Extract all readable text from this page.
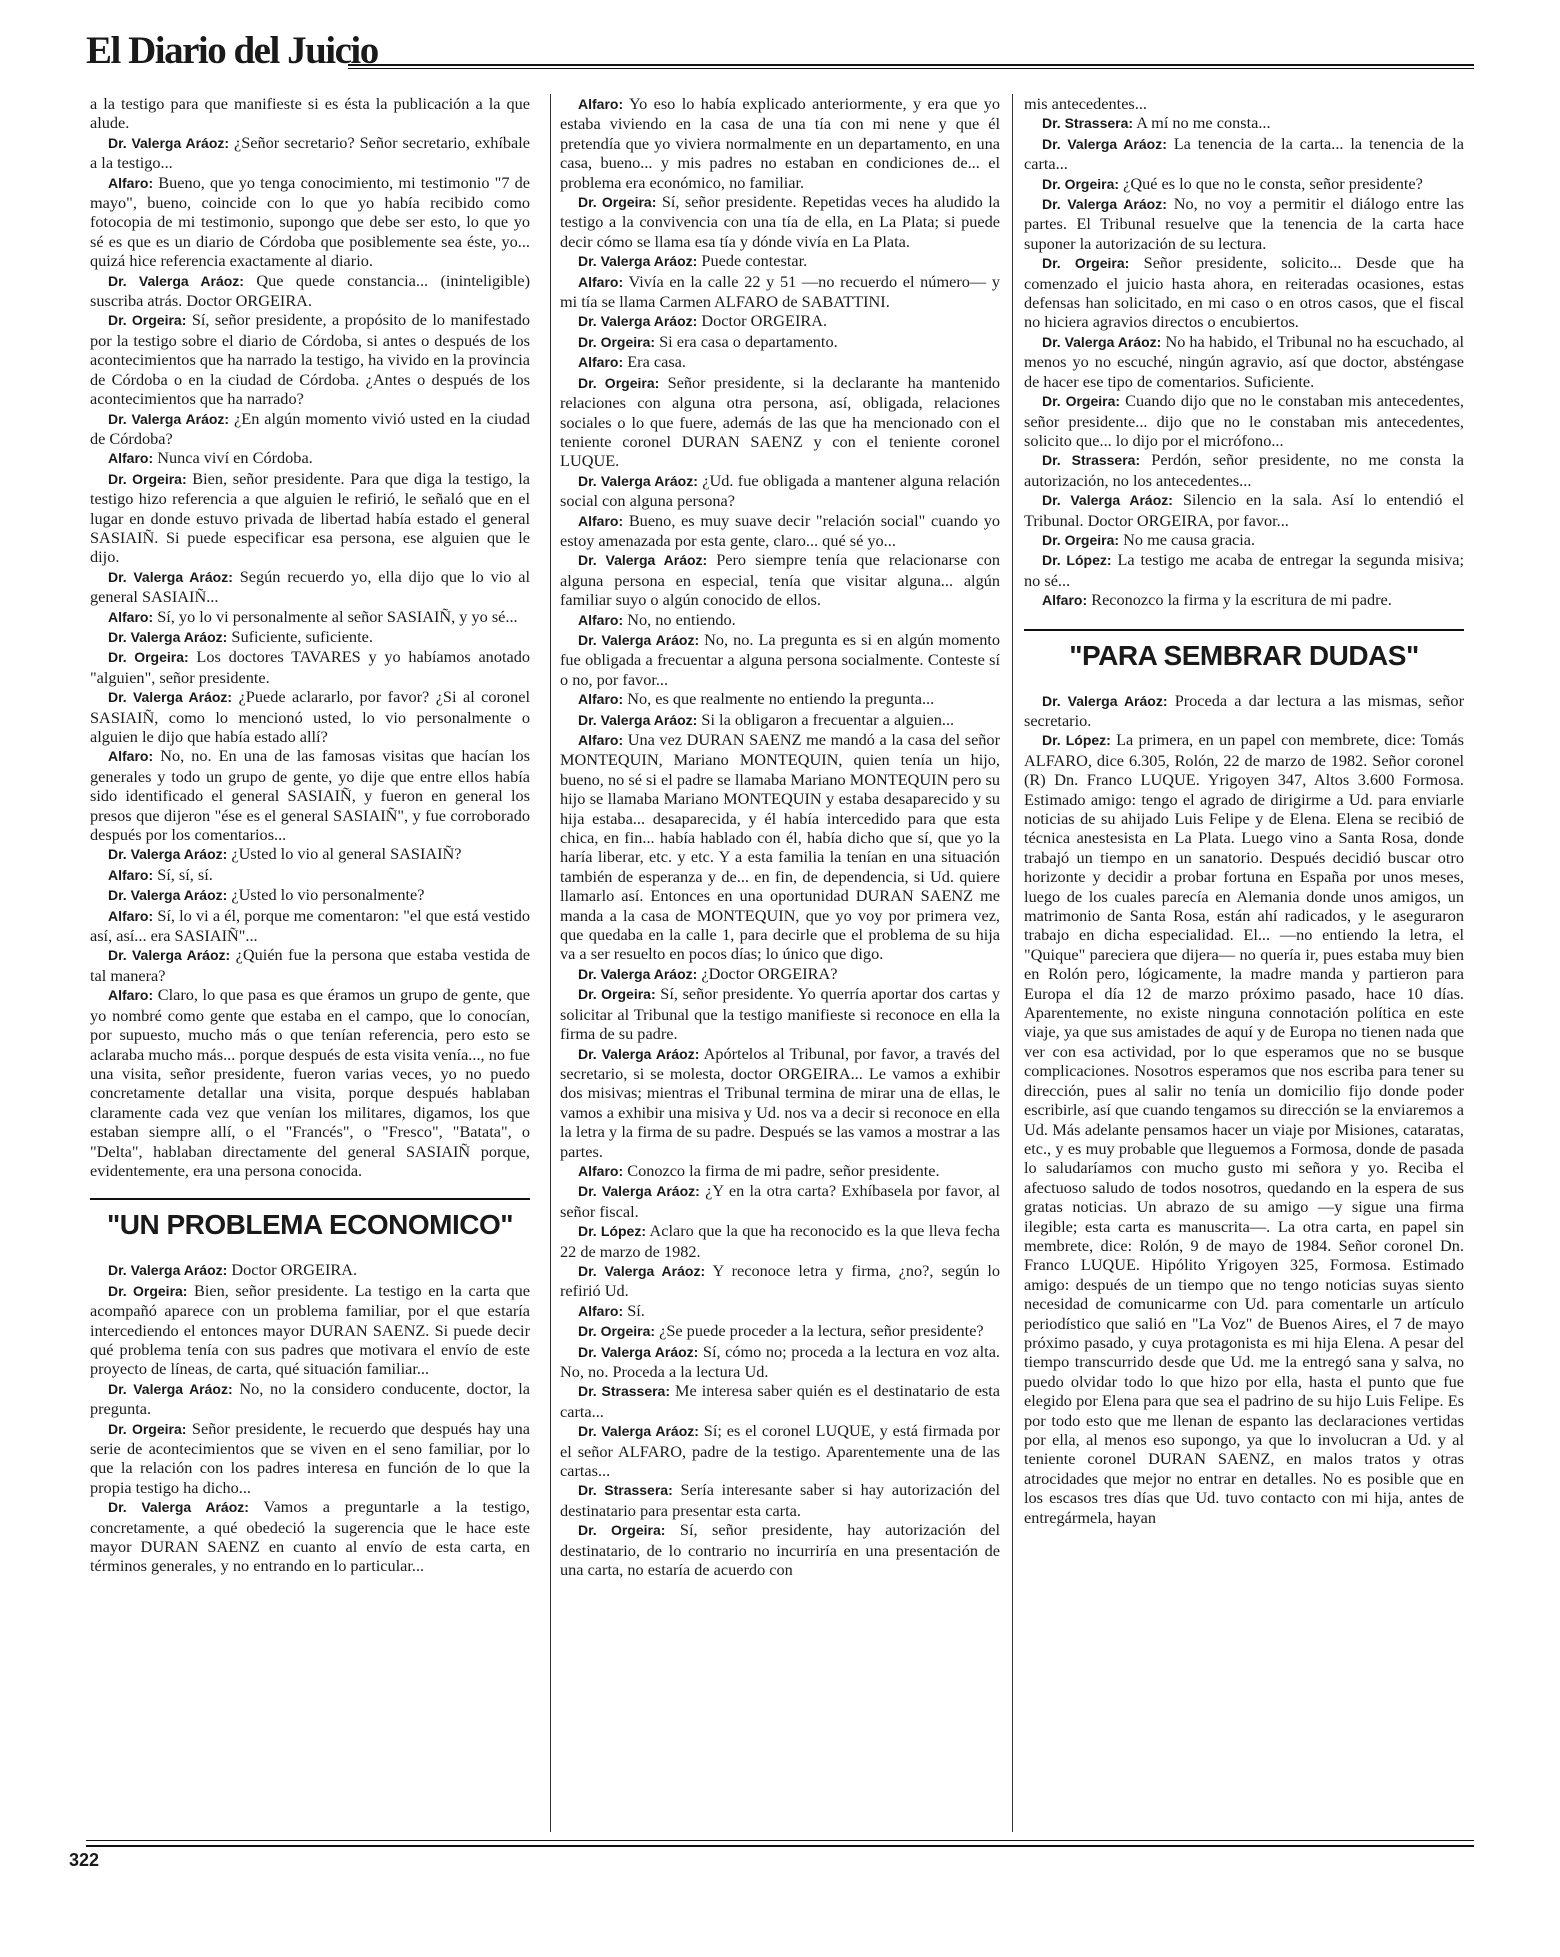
El Diario del Juicio

a la testigo para que manifieste si es ésta la publicación a la que alude.

Dr. Valerga Aráoz: ¿Señor secretario? Señor secretario, exhíbale a la testigo...

Alfaro: Bueno, que yo tenga conocimiento, mi testimonio "7 de mayo", bueno, coincide con lo que yo había recibido como fotocopia de mi testimonio, supongo que debe ser esto, lo que yo sé es que es un diario de Córdoba que posiblemente sea éste, yo... quizá hice referencia exactamente al diario.

Dr. Valerga Aráoz: Que quede constancia... (ininteligible) suscriba atrás. Doctor ORGEIRA.

Dr. Orgeira: Sí, señor presidente, a propósito de lo manifestado por la testigo sobre el diario de Córdoba, si antes o después de los acontecimientos que ha narrado la testigo, ha vivido en la provincia de Córdoba o en la ciudad de Córdoba. ¿Antes o después de los acontecimientos que ha narrado?

Dr. Valerga Aráoz: ¿En algún momento vivió usted en la ciudad de Córdoba?

Alfaro: Nunca viví en Córdoba.

Dr. Orgeira: Bien, señor presidente. Para que diga la testigo, la testigo hizo referencia a que alguien le refirió, le señaló que en el lugar en donde estuvo privada de libertad había estado el general SASIAIÑ. Si puede especificar esa persona, ese alguien que le dijo.

Dr. Valerga Aráoz: Según recuerdo yo, ella dijo que lo vio al general SASIAIÑ...

Alfaro: Sí, yo lo vi personalmente al señor SASIAIÑ, y yo sé...

Dr. Valerga Aráoz: Suficiente, suficiente.

Dr. Orgeira: Los doctores TAVARES y yo habíamos anotado "alguien", señor presidente.

Dr. Valerga Aráoz: ¿Puede aclararlo, por favor? ¿Si al coronel SASIAIÑ, como lo mencionó usted, lo vio personalmente o alguien le dijo que había estado allí?

Alfaro: No, no. En una de las famosas visitas que hacían los generales y todo un grupo de gente, yo dije que entre ellos había sido identificado el general SASIAIÑ, y fueron en general los presos que dijeron "ése es el general SASIAIÑ", y fue corroborado después por los comentarios...

Dr. Valerga Aráoz: ¿Usted lo vio al general SASIAIÑ?

Alfaro: Sí, sí, sí.

Dr. Valerga Aráoz: ¿Usted lo vio personalmente?

Alfaro: Sí, lo vi a él, porque me comentaron: "el que está vestido así, así... era SASIAIÑ"...

Dr. Valerga Aráoz: ¿Quién fue la persona que estaba vestida de tal manera?

Alfaro: Claro, lo que pasa es que éramos un grupo de gente, que yo nombré como gente que estaba en el campo, que lo conocían, por supuesto, mucho más o que tenían referencia, pero esto se aclaraba mucho más... porque después de esta visita venía..., no fue una visita, señor presidente, fueron varias veces, yo no puedo concretamente detallar una visita, porque después hablaban claramente cada vez que venían los militares, digamos, los que estaban siempre allí, o el "Francés", o "Fresco", "Batata", o "Delta", hablaban directamente del general SASIAIÑ porque, evidentemente, era una persona conocida.

"UN PROBLEMA ECONOMICO"

Dr. Valerga Aráoz: Doctor ORGEIRA.

Dr. Orgeira: Bien, señor presidente. La testigo en la carta que acompañó aparece con un problema familiar, por el que estaría intercediendo el entonces mayor DURAN SAENZ. Si puede decir qué problema tenía con sus padres que motivara el envío de este proyecto de líneas, de carta, qué situación familiar...

Dr. Valerga Aráoz: No, no la considero conducente, doctor, la pregunta.

Dr. Orgeira: Señor presidente, le recuerdo que después hay una serie de acontecimientos que se viven en el seno familiar, por lo que la relación con los padres interesa en función de lo que la propia testigo ha dicho...

Dr. Valerga Aráoz: Vamos a preguntarle a la testigo, concretamente, a qué obedeció la sugerencia que le hace este mayor DURAN SAENZ en cuanto al envío de esta carta, en términos generales, y no entrando en lo particular...

Alfaro: Yo eso lo había explicado anteriormente, y era que yo estaba viviendo en la casa de una tía con mi nene y que él pretendía que yo viviera normalmente en un departamento, en una casa, bueno... y mis padres no estaban en condiciones de... el problema era económico, no familiar.

Dr. Orgeira: Sí, señor presidente. Repetidas veces ha aludido la testigo a la convivencia con una tía de ella, en La Plata; si puede decir cómo se llama esa tía y dónde vivía en La Plata.

Dr. Valerga Aráoz: Puede contestar.

Alfaro: Vivía en la calle 22 y 51 —no recuerdo el número— y mi tía se llama Carmen ALFARO de SABATTINI.

Dr. Valerga Aráoz: Doctor ORGEIRA.

Dr. Orgeira: Si era casa o departamento.

Alfaro: Era casa.

Dr. Orgeira: Señor presidente, si la declarante ha mantenido relaciones con alguna otra persona, así, obligada, relaciones sociales o lo que fuere, además de las que ha mencionado con el teniente coronel DURAN SAENZ y con el teniente coronel LUQUE.

Dr. Valerga Aráoz: ¿Ud. fue obligada a mantener alguna relación social con alguna persona?

Alfaro: Bueno, es muy suave decir "relación social" cuando yo estoy amenazada por esta gente, claro... qué sé yo...

Dr. Valerga Aráoz: Pero siempre tenía que relacionarse con alguna persona en especial, tenía que visitar alguna... algún familiar suyo o algún conocido de ellos.

Alfaro: No, no entiendo.

Dr. Valerga Aráoz: No, no. La pregunta es si en algún momento fue obligada a frecuentar a alguna persona socialmente. Conteste sí o no, por favor...

Alfaro: No, es que realmente no entiendo la pregunta...

Dr. Valerga Aráoz: Si la obligaron a frecuentar a alguien...

Alfaro: Una vez DURAN SAENZ me mandó a la casa del señor MONTEQUIN, Mariano MONTEQUIN, quien tenía un hijo, bueno, no sé si el padre se llamaba Mariano MONTEQUIN pero su hijo se llamaba Mariano MONTEQUIN y estaba desaparecido y su hija estaba... desaparecida, y él había intercedido para que esta chica, en fin... había hablado con él, había dicho que sí, que yo la haría liberar, etc. y etc. Y a esta familia la tenían en una situación también de esperanza y de... en fin, de dependencia, si Ud. quiere llamarlo así. Entonces en una oportunidad DURAN SAENZ me manda a la casa de MONTEQUIN, que yo voy por primera vez, que quedaba en la calle 1, para decirle que el problema de su hija va a ser resuelto en pocos días; lo único que digo.

Dr. Valerga Aráoz: ¿Doctor ORGEIRA?

Dr. Orgeira: Sí, señor presidente. Yo querría aportar dos cartas y solicitar al Tribunal que la testigo manifieste si reconoce en ella la firma de su padre.

Dr. Valerga Aráoz: Apórtelos al Tribunal, por favor, a través del secretario, si se molesta, doctor ORGEIRA... Le vamos a exhibir dos misivas; mientras el Tribunal termina de mirar una de ellas, le vamos a exhibir una misiva y Ud. nos va a decir si reconoce en ella la letra y la firma de su padre. Después se las vamos a mostrar a las partes.

Alfaro: Conozco la firma de mi padre, señor presidente.

Dr. Valerga Aráoz: ¿Y en la otra carta? Exhíbasela por favor, al señor fiscal.

Dr. López: Aclaro que la que ha reconocido es la que lleva fecha 22 de marzo de 1982.

Dr. Valerga Aráoz: Y reconoce letra y firma, ¿no?, según lo refirió Ud.

Alfaro: Sí.

Dr. Orgeira: ¿Se puede proceder a la lectura, señor presidente?

Dr. Valerga Aráoz: Sí, cómo no; proceda a la lectura en voz alta. No, no. Proceda a la lectura Ud.

Dr. Strassera: Me interesa saber quién es el destinatario de esta carta...

Dr. Valerga Aráoz: Sí; es el coronel LUQUE, y está firmada por el señor ALFARO, padre de la testigo. Aparentemente una de las cartas...

Dr. Strassera: Sería interesante saber si hay autorización del destinatario para presentar esta carta.

Dr. Orgeira: Sí, señor presidente, hay autorización del destinatario, de lo contrario no incurriría en una presentación de una carta, no estaría de acuerdo con

mis antecedentes...

Dr. Strassera: A mí no me consta...

Dr. Valerga Aráoz: La tenencia de la carta... la tenencia de la carta...

Dr. Orgeira: ¿Qué es lo que no le consta, señor presidente?

Dr. Valerga Aráoz: No, no voy a permitir el diálogo entre las partes. El Tribunal resuelve que la tenencia de la carta hace suponer la autorización de su lectura.

Dr. Orgeira: Señor presidente, solicito... Desde que ha comenzado el juicio hasta ahora, en reiteradas ocasiones, estas defensas han solicitado, en mi caso o en otros casos, que el fiscal no hiciera agravios directos o encubiertos.

Dr. Valerga Aráoz: No ha habido, el Tribunal no ha escuchado, al menos yo no escuché, ningún agravio, así que doctor, absténgase de hacer ese tipo de comentarios. Suficiente.

Dr. Orgeira: Cuando dijo que no le constaban mis antecedentes, señor presidente... dijo que no le constaban mis antecedentes, solicito que... lo dijo por el micrófono...

Dr. Strassera: Perdón, señor presidente, no me consta la autorización, no los antecedentes...

Dr. Valerga Aráoz: Silencio en la sala. Así lo entendió el Tribunal. Doctor ORGEIRA, por favor...

Dr. Orgeira: No me causa gracia.

Dr. López: La testigo me acaba de entregar la segunda misiva; no sé...

Alfaro: Reconozco la firma y la escritura de mi padre.

"PARA SEMBRAR DUDAS"

Dr. Valerga Aráoz: Proceda a dar lectura a las mismas, señor secretario.

Dr. López: La primera, en un papel con membrete, dice: Tomás ALFARO, dice 6.305, Rolón, 22 de marzo de 1982. Señor coronel (R) Dn. Franco LUQUE. Yrigoyen 347, Altos 3.600 Formosa. Estimado amigo: tengo el agrado de dirigirme a Ud. para enviarle noticias de su ahijado Luis Felipe y de Elena. Elena se recibió de técnica anestesista en La Plata. Luego vino a Santa Rosa, donde trabajó un tiempo en un sanatorio. Después decidió buscar otro horizonte y decidir a probar fortuna en España por unos meses, luego de los cuales parecía en Alemania donde unos amigos, un matrimonio de Santa Rosa, están ahí radicados, y le aseguraron trabajo en dicha especialidad. El... —no entiendo la letra, el "Quique" pareciera que dijera— no quería ir, pues estaba muy bien en Rolón pero, lógicamente, la madre manda y partieron para Europa el día 12 de marzo próximo pasado, hace 10 días. Aparentemente, no existe ninguna connotación política en este viaje, ya que sus amistades de aquí y de Europa no tienen nada que ver con esa actividad, por lo que esperamos que no se busque complicaciones. Nosotros esperamos que nos escriba para tener su dirección, pues al salir no tenía un domicilio fijo donde poder escribirle, así que cuando tengamos su dirección se la enviaremos a Ud. Más adelante pensamos hacer un viaje por Misiones, cataratas, etc., y es muy probable que lleguemos a Formosa, donde de pasada lo saludaríamos con mucho gusto mi señora y yo. Reciba el afectuoso saludo de todos nosotros, quedando en la espera de sus gratas noticias. Un abrazo de su amigo —y sigue una firma ilegible; esta carta es manuscrita—. La otra carta, en papel sin membrete, dice: Rolón, 9 de mayo de 1984. Señor coronel Dn. Franco LUQUE. Hipólito Yrigoyen 325, Formosa. Estimado amigo: después de un tiempo que no tengo noticias suyas siento necesidad de comunicarme con Ud. para comentarle un artículo periodístico que salió en "La Voz" de Buenos Aires, el 7 de mayo próximo pasado, y cuya protagonista es mi hija Elena. A pesar del tiempo transcurrido desde que Ud. me la entregó sana y salva, no puedo olvidar todo lo que hizo por ella, hasta el punto que fue elegido por Elena para que sea el padrino de su hijo Luis Felipe. Es por todo esto que me llenan de espanto las declaraciones vertidas por ella, al menos eso supongo, ya que lo involucran a Ud. y al teniente coronel DURAN SAENZ, en malos tratos y otras atrocidades que mejor no entrar en detalles. No es posible que en los escasos tres días que Ud. tuvo contacto con mi hija, antes de entregármela, hayan

322
